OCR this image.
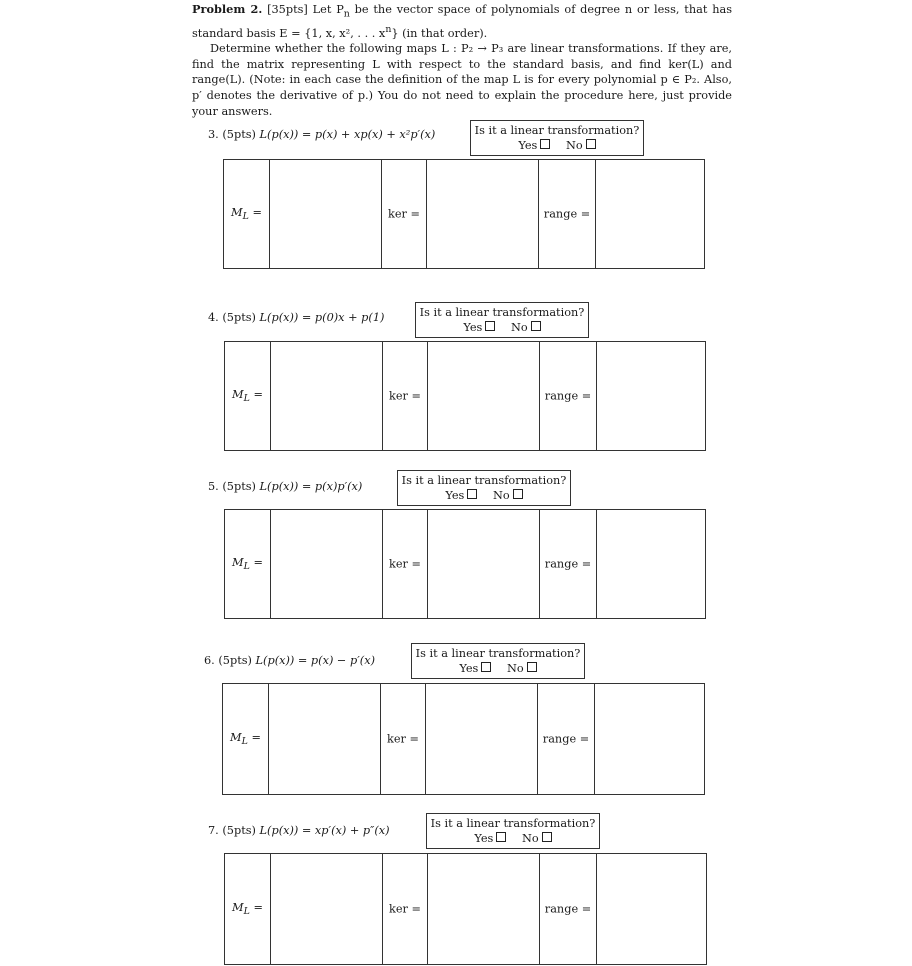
Problem 2. [35pts] Let $P_n$ be the vector space of polynomials of degree n or less, that has standard basis E = {1, x, x², . . . $x^n$} (in that order).

Determine whether the following maps L : P₂ → P₃ are linear transformations. If they are, find the matrix representing L with respect to the standard basis, and find ker(L) and range(L). (Note: in each case the definition of the map L is for every polynomial p ∈ P₂. Also, p′ denotes the derivative of p.) You do not need to explain the procedure here, just provide your answers.

3. (5pts) L(p(x)) = p(x) + xp(x) + x²p′(x)	Is it a linear transformation?
Yes	No
$M_L$ =	ker =	range =
4. (5pts) L(p(x)) = p(0)x + p(1)	Is it a linear transformation?
Yes	No
$M_L$ =	ker =	range =
5. (5pts) L(p(x)) = p(x)p′(x)	Is it a linear transformation?
Yes	No
$M_L$ =	ker =	range =
6. (5pts) L(p(x)) = p(x) − p′(x)
Is it a linear transformation?
Yes	No
$M_L$ =	ker =	range =
7. (5pts) L(p(x)) = xp′(x) + p″(x)
Is it a linear transformation?
Yes	No
$M_L$ =	ker =	range =
